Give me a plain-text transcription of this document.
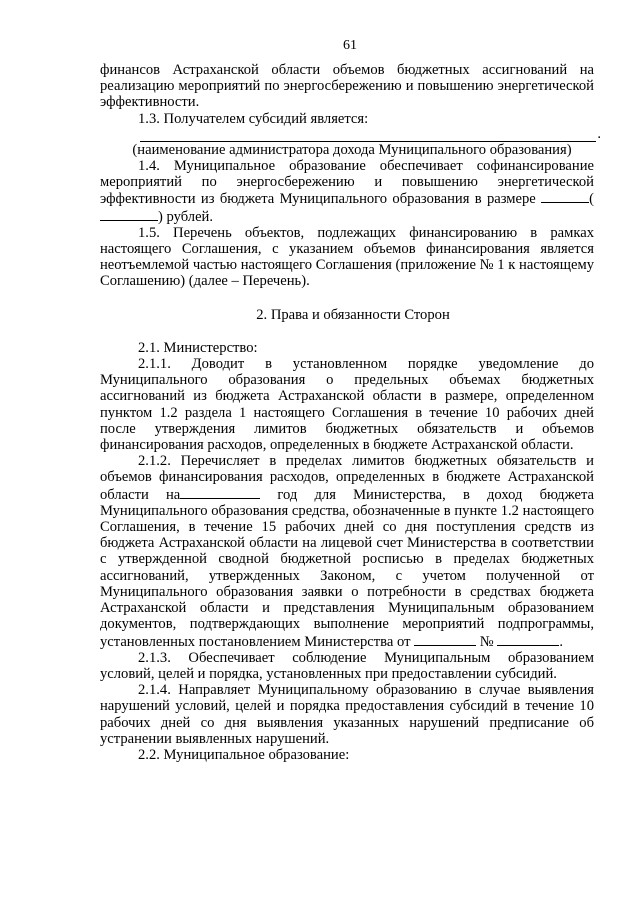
61

финансов Астраханской области объемов бюджетных ассигнований на реализацию мероприятий по энергосбережению и повышению энергетической эффективности.

1.3. Получателем субсидий является:

.

(наименование администратора дохода Муниципального образования)

1.4. Муниципальное образование обеспечивает софинансирование мероприятий по энергосбережению и повышению энергетической эффективности из бюджета Муниципального образования в размере	() рублей.

1.5. Перечень объектов, подлежащих финансированию в рамках настоящего Соглашения, с указанием объемов финансирования является неотъемлемой частью настоящего Соглашения (приложение № 1 к настоящему Соглашению) (далее – Перечень).

2. Права и обязанности Сторон

2.1. Министерство:

2.1.1. Доводит в установленном порядке уведомление до Муниципального образования о предельных объемах бюджетных ассигнований из бюджета Астраханской области в размере, определенном пунктом 1.2 раздела 1 настоящего Соглашения в течение 10 рабочих дней после утверждения лимитов бюджетных обязательств и объемов финансирования расходов, определенных в бюджете Астраханской области.

2.1.2. Перечисляет в пределах лимитов бюджетных обязательств и объемов финансирования расходов, определенных в бюджете Астраханской области на	год для Министерства, в доход бюджета Муниципального образования средства, обозначенные в пункте 1.2 настоящего Соглашения, в течение 15 рабочих дней со дня поступления средств из бюджета Астраханской области на лицевой счет Министерства в соответствии с утвержденной сводной бюджетной росписью в пределах бюджетных ассигнований, утвержденных Законом, с учетом полученной от Муниципального образования заявки о потребности в средствах бюджета Астраханской области и представления Муниципальным образованием документов, подтверждающих выполнение мероприятий подпрограммы, установленных постановлением Министерства от	№	.

2.1.3. Обеспечивает соблюдение Муниципальным образованием условий, целей и порядка, установленных при предоставлении субсидий.

2.1.4. Направляет Муниципальному образованию в случае выявления нарушений условий, целей и порядка предоставления субсидий в течение 10 рабочих дней со дня выявления указанных нарушений предписание об устранении выявленных нарушений.

2.2. Муниципальное образование:
